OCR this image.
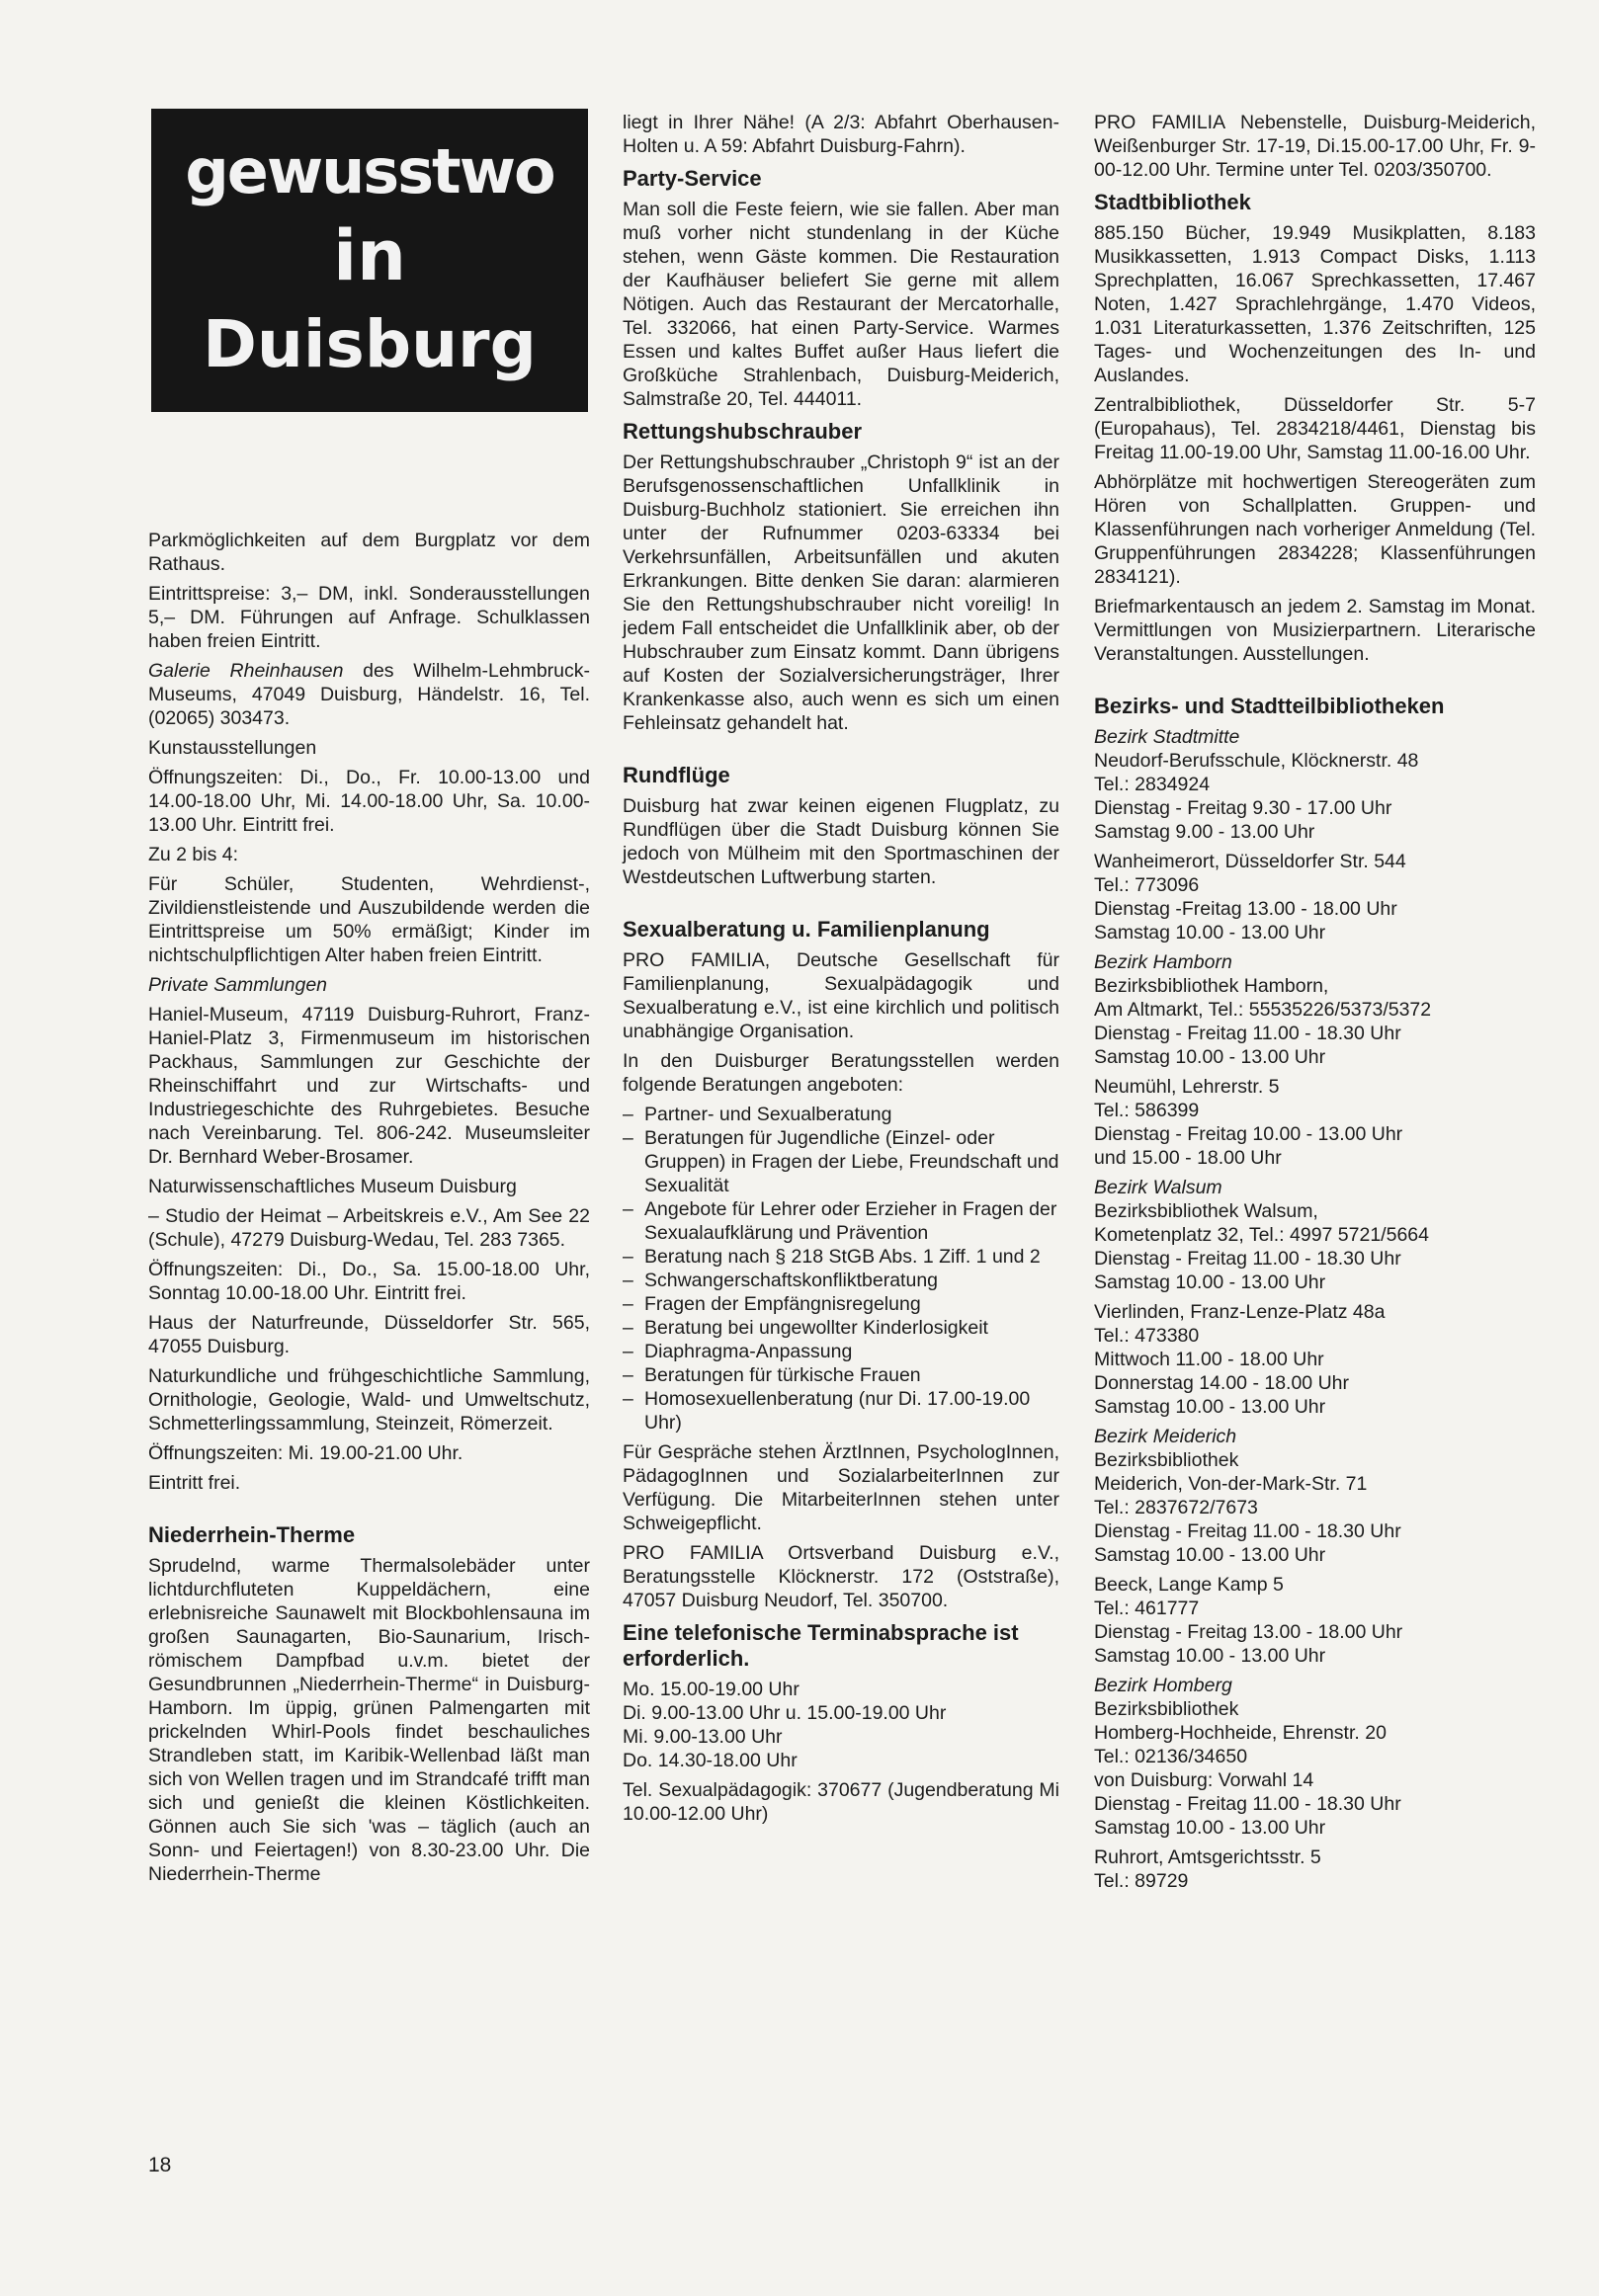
gewusstwo
in
Duisburg

Parkmöglichkeiten auf dem Burgplatz vor dem Rathaus.

Eintrittspreise: 3,– DM, inkl. Sonderausstellungen 5,– DM. Führungen auf Anfrage. Schulklassen haben freien Eintritt.

Galerie Rheinhausen des Wilhelm-Lehmbruck-Museums, 47049 Duisburg, Händelstr. 16, Tel. (02065) 303473.

Kunstausstellungen

Öffnungszeiten: Di., Do., Fr. 10.00-13.00 und 14.00-18.00 Uhr, Mi. 14.00-18.00 Uhr, Sa. 10.00-13.00 Uhr. Eintritt frei.

Zu 2 bis 4:

Für Schüler, Studenten, Wehrdienst-, Zivildienstleistende und Auszubildende werden die Eintrittspreise um 50% ermäßigt; Kinder im nichtschulpflichtigen Alter haben freien Eintritt.

Private Sammlungen

Haniel-Museum, 47119 Duisburg-Ruhrort, Franz-Haniel-Platz 3, Firmenmuseum im historischen Packhaus, Sammlungen zur Geschichte der Rheinschiffahrt und zur Wirtschafts- und Industriegeschichte des Ruhrgebietes. Besuche nach Vereinbarung. Tel. 806-242. Museumsleiter Dr. Bernhard Weber-Brosamer.

Naturwissenschaftliches Museum Duisburg

– Studio der Heimat – Arbeitskreis e.V., Am See 22 (Schule), 47279 Duisburg-Wedau, Tel. 283 7365.

Öffnungszeiten: Di., Do., Sa. 15.00-18.00 Uhr, Sonntag 10.00-18.00 Uhr. Eintritt frei.

Haus der Naturfreunde, Düsseldorfer Str. 565, 47055 Duisburg.

Naturkundliche und frühgeschichtliche Sammlung, Ornithologie, Geologie, Wald- und Umweltschutz, Schmetterlingssammlung, Steinzeit, Römerzeit.

Öffnungszeiten: Mi. 19.00-21.00 Uhr.

Eintritt frei.

Niederrhein-Therme

Sprudelnd, warme Thermalsolebäder unter lichtdurchfluteten Kuppeldächern, eine erlebnisreiche Saunawelt mit Blockbohlensauna im großen Saunagarten, Bio-Saunarium, Irisch-römischem Dampfbad u.v.m. bietet der Gesundbrunnen „Niederrhein-Therme“ in Duisburg-Hamborn. Im üppig, grünen Palmengarten mit prickelnden Whirl-Pools findet beschauliches Strandleben statt, im Karibik-Wellenbad läßt man sich von Wellen tragen und im Strandcafé trifft man sich und genießt die kleinen Köstlichkeiten. Gönnen auch Sie sich 'was – täglich (auch an Sonn- und Feiertagen!) von 8.30-23.00 Uhr. Die Niederrhein-Therme

liegt in Ihrer Nähe! (A 2/3: Abfahrt Oberhausen-Holten u. A 59: Abfahrt Duisburg-Fahrn).

Party-Service

Man soll die Feste feiern, wie sie fallen. Aber man muß vorher nicht stundenlang in der Küche stehen, wenn Gäste kommen. Die Restauration der Kaufhäuser beliefert Sie gerne mit allem Nötigen. Auch das Restaurant der Mercatorhalle, Tel. 332066, hat einen Party-Service. Warmes Essen und kaltes Buffet außer Haus liefert die Großküche Strahlenbach, Duisburg-Meiderich, Salmstraße 20, Tel. 444011.

Rettungshubschrauber

Der Rettungshubschrauber „Christoph 9“ ist an der Berufsgenossenschaftlichen Unfallklinik in Duisburg-Buchholz stationiert. Sie erreichen ihn unter der Rufnummer 0203-63334 bei Verkehrsunfällen, Arbeitsunfällen und akuten Erkrankungen. Bitte denken Sie daran: alarmieren Sie den Rettungshubschrauber nicht voreilig! In jedem Fall entscheidet die Unfallklinik aber, ob der Hubschrauber zum Einsatz kommt. Dann übrigens auf Kosten der Sozialversicherungsträger, Ihrer Krankenkasse also, auch wenn es sich um einen Fehleinsatz gehandelt hat.

Rundflüge

Duisburg hat zwar keinen eigenen Flugplatz, zu Rundflügen über die Stadt Duisburg können Sie jedoch von Mülheim mit den Sportmaschinen der Westdeutschen Luftwerbung starten.

Sexualberatung u. Familienplanung

PRO FAMILIA, Deutsche Gesellschaft für Familienplanung, Sexualpädagogik und Sexualberatung e.V., ist eine kirchlich und politisch unabhängige Organisation.

In den Duisburger Beratungsstellen werden folgende Beratungen angeboten:

– Partner- und Sexualberatung
– Beratungen für Jugendliche (Einzel- oder Gruppen) in Fragen der Liebe, Freundschaft und Sexualität
– Angebote für Lehrer oder Erzieher in Fragen der Sexualaufklärung und Prävention
– Beratung nach § 218 StGB Abs. 1 Ziff. 1 und 2
– Schwangerschaftskonfliktberatung
– Fragen der Empfängnisregelung
– Beratung bei ungewollter Kinderlosigkeit
– Diaphragma-Anpassung
– Beratungen für türkische Frauen
– Homosexuellenberatung (nur Di. 17.00-19.00 Uhr)

Für Gespräche stehen ÄrztInnen, PsychologInnen, PädagogInnen und SozialarbeiterInnen zur Verfügung. Die MitarbeiterInnen stehen unter Schweigepflicht.

PRO FAMILIA Ortsverband Duisburg e.V., Beratungsstelle Klöcknerstr. 172 (Oststraße), 47057 Duisburg Neudorf, Tel. 350700.

Eine telefonische Terminabsprache ist erforderlich.

Mo. 15.00-19.00 Uhr

Di. 9.00-13.00 Uhr u. 15.00-19.00 Uhr

Mi. 9.00-13.00 Uhr

Do. 14.30-18.00 Uhr

Tel. Sexualpädagogik: 370677 (Jugendberatung Mi 10.00-12.00 Uhr)

PRO FAMILIA Nebenstelle, Duisburg-Meiderich, Weißenburger Str. 17-19, Di.15.00-17.00 Uhr, Fr. 9-00-12.00 Uhr. Termine unter Tel. 0203/350700.

Stadtbibliothek

885.150 Bücher, 19.949 Musikplatten, 8.183 Musikkassetten, 1.913 Compact Disks, 1.113 Sprechplatten, 16.067 Sprechkassetten, 17.467 Noten, 1.427 Sprachlehrgänge, 1.470 Videos, 1.031 Literaturkassetten, 1.376 Zeitschriften, 125 Tages- und Wochenzeitungen des In- und Auslandes.

Zentralbibliothek, Düsseldorfer Str. 5-7 (Europahaus), Tel. 2834218/4461, Dienstag bis Freitag 11.00-19.00 Uhr, Samstag 11.00-16.00 Uhr.

Abhörplätze mit hochwertigen Stereogeräten zum Hören von Schallplatten. Gruppen- und Klassenführungen nach vorheriger Anmeldung (Tel. Gruppenführungen 2834228; Klassenführungen 2834121).

Briefmarkentausch an jedem 2. Samstag im Monat. Vermittlungen von Musizierpartnern. Literarische Veranstaltungen. Ausstellungen.

Bezirks- und Stadtteilbibliotheken

Bezirk Stadtmitte

Neudorf-Berufsschule, Klöcknerstr. 48

Tel.: 2834924

Dienstag - Freitag 9.30 - 17.00 Uhr

Samstag 9.00 - 13.00 Uhr

Wanheimerort, Düsseldorfer Str. 544

Tel.: 773096

Dienstag -Freitag 13.00 - 18.00 Uhr

Samstag 10.00 - 13.00 Uhr

Bezirk Hamborn

Bezirksbibliothek Hamborn,

Am Altmarkt, Tel.: 55535226/5373/5372

Dienstag - Freitag 11.00 - 18.30 Uhr

Samstag 10.00 - 13.00 Uhr

Neumühl, Lehrerstr. 5

Tel.: 586399

Dienstag - Freitag 10.00 - 13.00 Uhr

und 15.00 - 18.00 Uhr

Bezirk Walsum

Bezirksbibliothek Walsum,

Kometenplatz 32, Tel.: 4997 5721/5664

Dienstag - Freitag 11.00 - 18.30 Uhr

Samstag 10.00 - 13.00 Uhr

Vierlinden, Franz-Lenze-Platz 48a

Tel.: 473380

Mittwoch 11.00 - 18.00 Uhr

Donnerstag 14.00 - 18.00 Uhr

Samstag 10.00 - 13.00 Uhr

Bezirk Meiderich

Bezirksbibliothek

Meiderich, Von-der-Mark-Str. 71

Tel.: 2837672/7673

Dienstag - Freitag 11.00 - 18.30 Uhr

Samstag 10.00 - 13.00 Uhr

Beeck, Lange Kamp 5

Tel.: 461777

Dienstag - Freitag 13.00 - 18.00 Uhr

Samstag 10.00 - 13.00 Uhr

Bezirk Homberg

Bezirksbibliothek

Homberg-Hochheide, Ehrenstr. 20

Tel.: 02136/34650

von Duisburg: Vorwahl 14

Dienstag - Freitag 11.00 - 18.30 Uhr

Samstag 10.00 - 13.00 Uhr

Ruhrort, Amtsgerichtsstr. 5

Tel.: 89729

18
